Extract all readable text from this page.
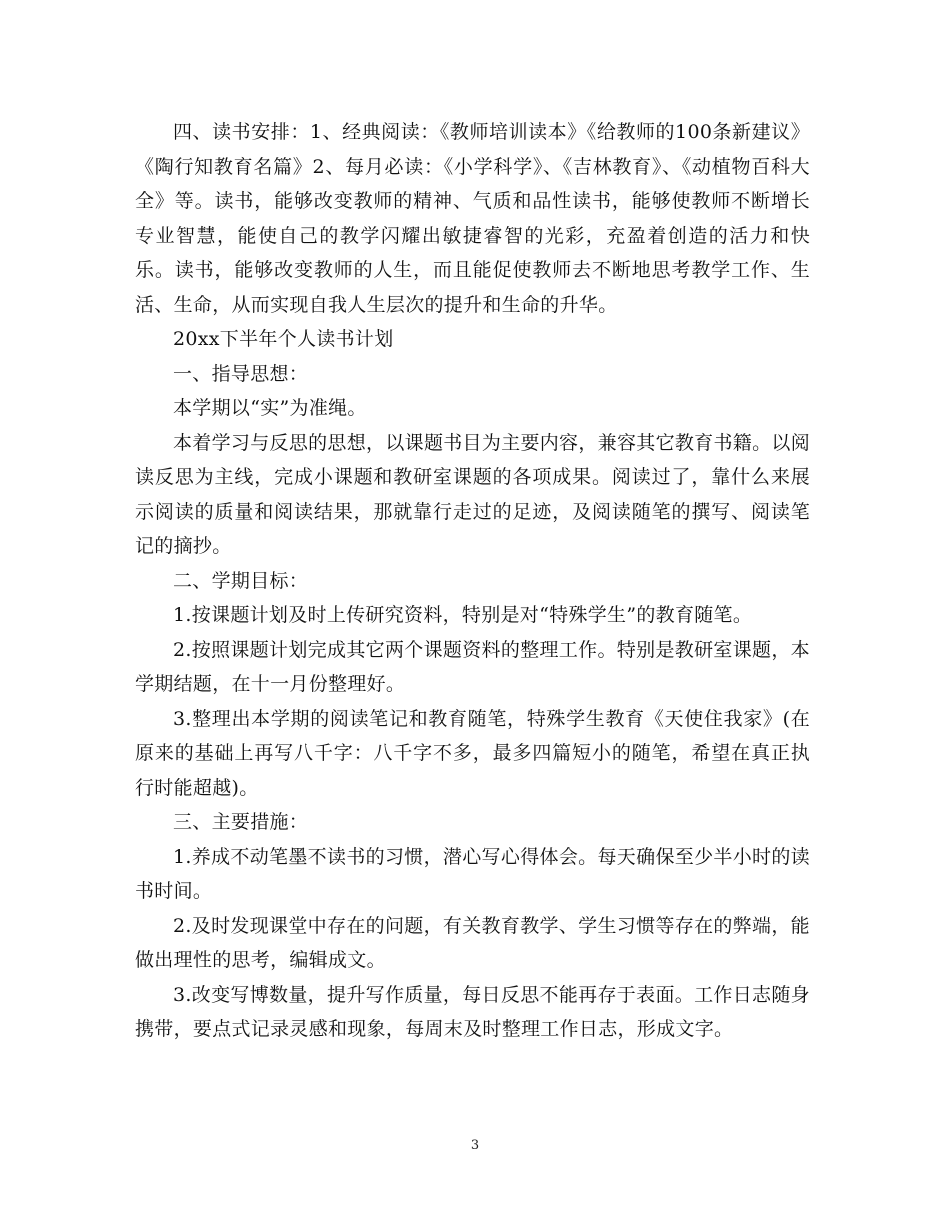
四、读书安排：1、经典阅读：《教师培训读本》《给教师的100条新建议》《陶行知教育名篇》2、每月必读：《小学科学》、《吉林教育》、《动植物百科大全》等。读书，能够改变教师的精神、气质和品性读书，能够使教师不断增长专业智慧，能使自己的教学闪耀出敏捷睿智的光彩，充盈着创造的活力和快乐。读书，能够改变教师的人生，而且能促使教师去不断地思考教学工作、生活、生命，从而实现自我人生层次的提升和生命的升华。

20xx下半年个人读书计划

一、指导思想：

本学期以“实”为准绳。

本着学习与反思的思想，以课题书目为主要内容，兼容其它教育书籍。以阅读反思为主线，完成小课题和教研室课题的各项成果。阅读过了，靠什么来展示阅读的质量和阅读结果，那就靠行走过的足迹，及阅读随笔的撰写、阅读笔记的摘抄。

二、学期目标：

1.按课题计划及时上传研究资料，特别是对“特殊学生”的教育随笔。

2.按照课题计划完成其它两个课题资料的整理工作。特别是教研室课题，本学期结题，在十一月份整理好。

3.整理出本学期的阅读笔记和教育随笔，特殊学生教育《天使住我家》(在原来的基础上再写八千字：八千字不多，最多四篇短小的随笔，希望在真正执行时能超越)。

三、主要措施：

1.养成不动笔墨不读书的习惯，潜心写心得体会。每天确保至少半小时的读书时间。

2.及时发现课堂中存在的问题，有关教育教学、学生习惯等存在的弊端，能做出理性的思考，编辑成文。

3.改变写博数量，提升写作质量，每日反思不能再存于表面。工作日志随身携带，要点式记录灵感和现象，每周末及时整理工作日志，形成文字。

3
